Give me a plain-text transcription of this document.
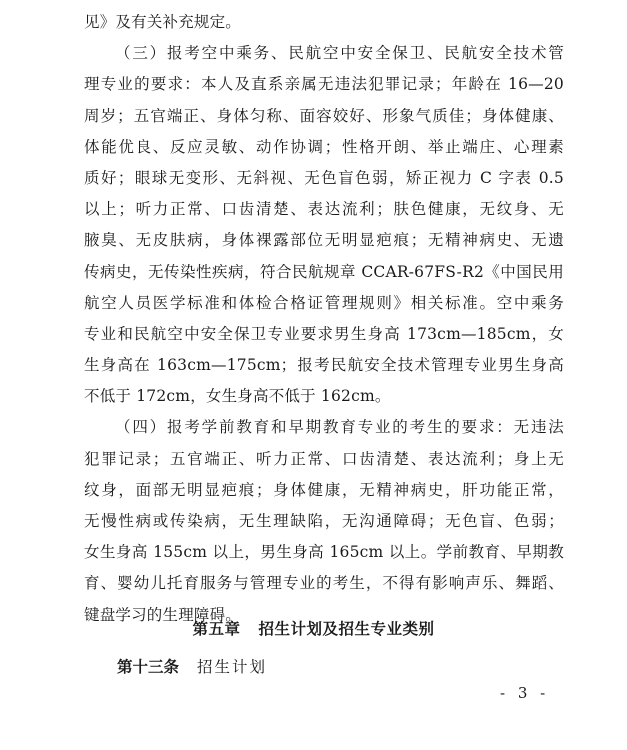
见》及有关补充规定。
（三）报考空中乘务、民航空中安全保卫、民航安全技术管
理专业的要求：本人及直系亲属无违法犯罪记录；年龄在 16—20
周岁；五官端正、身体匀称、面容姣好、形象气质佳；身体健康、
体能优良、反应灵敏、动作协调；性格开朗、举止端庄、心理素
质好；眼球无变形、无斜视、无色盲色弱，矫正视力 C 字表 0.5
以上；听力正常、口齿清楚、表达流利；肤色健康，无纹身、无
腋臭、无皮肤病，身体裸露部位无明显疤痕；无精神病史、无遗
传病史，无传染性疾病，符合民航规章 CCAR-67FS-R2《中国民用
航空人员医学标准和体检合格证管理规则》相关标准。空中乘务
专业和民航空中安全保卫专业要求男生身高 173cm—185cm，女
生身高在 163cm—175cm；报考民航安全技术管理专业男生身高
不低于 172cm，女生身高不低于 162cm。
（四）报考学前教育和早期教育专业的考生的要求：无违法
犯罪记录；五官端正、听力正常、口齿清楚、表达流利；身上无
纹身，面部无明显疤痕；身体健康，无精神病史，肝功能正常，
无慢性病或传染病，无生理缺陷，无沟通障碍；无色盲、色弱；
女生身高 155cm 以上，男生身高 165cm 以上。学前教育、早期教
育、婴幼儿托育服务与管理专业的考生，不得有影响声乐、舞蹈、
键盘学习的生理障碍。
第五章 招生计划及招生专业类别
第十三条 招生计划
- 3 -
